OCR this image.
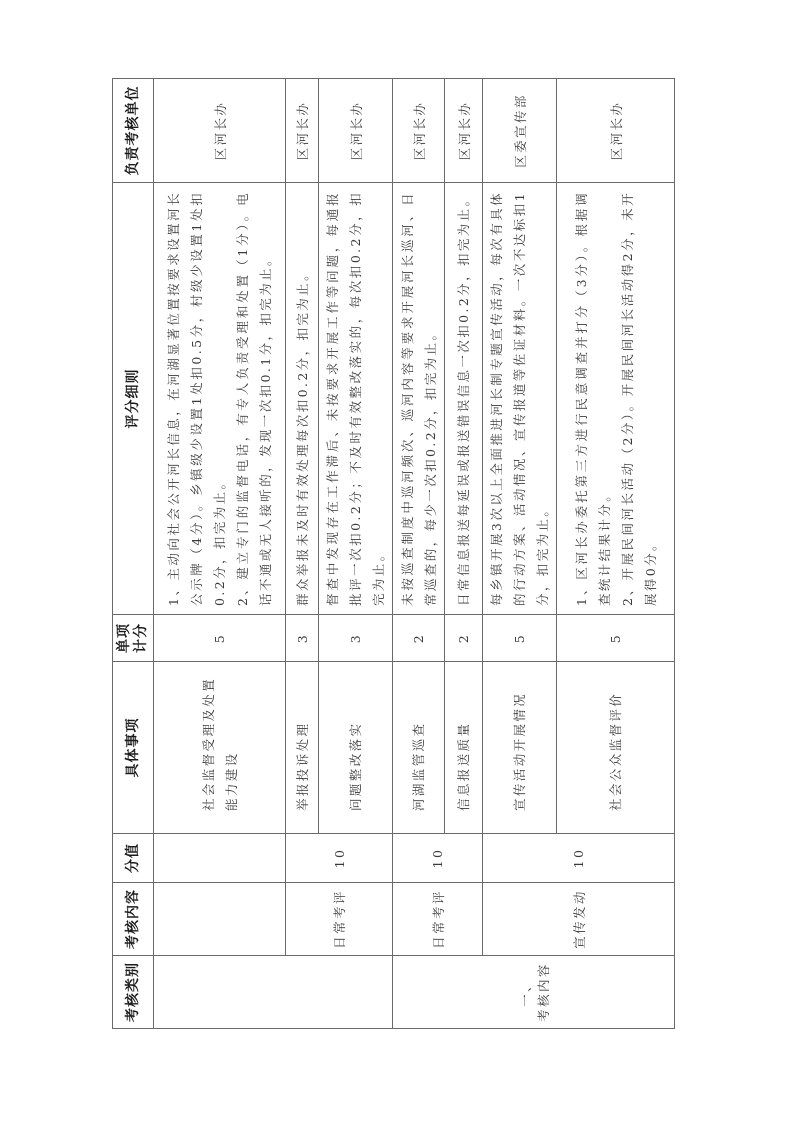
考核类别	考核内容	分值	具体事项	单项 计分	评分细则	负责考核单位
			社会监督受理及处置能力建设	5	1、主动向社会公开河长信息，在河湖显著位置按要求设置河长公示牌（4分）。乡镇级少设置1处扣0.5分，村级少设置1处扣0.2分，扣完为止。 2、建立专门的监督电话，有专人负责受理和处置（1分）。电话不通或无人接听的，发现一次扣0.1分，扣完为止。	区河长办
	日常考评	10	举报投诉处理	3	群众举报未及时有效处理每次扣0.2分，扣完为止。	区河长办
			问题整改落实	3	督查中发现存在工作滞后、未按要求开展工作等问题，每通报批评一次扣0.2分；不及时有效整改落实的，每次扣0.2分，扣完为止。	区河长办

一、 考核内容	日常考评	10	河湖监管巡查	2	未按巡查制度中巡河频次、巡河内容等要求开展河长巡河、日常巡查的，每少一次扣0.2分，扣完为止。	区河长办
			信息报送质量	2	日常信息报送每延误或报送错误信息一次扣0.2分，扣完为止。	区河长办
	宣传发动	10	宣传活动开展情况	5	每乡镇开展3次以上全面推进河长制专题宣传活动，每次有具体的行动方案、活动情况、宣传报道等佐证材料。一次不达标扣1分，扣完为止。	区委宣传部
			社会公众监督评价	5	1、区河长办委托第三方进行民意调查并打分（3分）。根据调查统计结果计分。 2、开展民间河长活动（2分）。开展民间河长活动得2分，未开展得0分。	区河长办
